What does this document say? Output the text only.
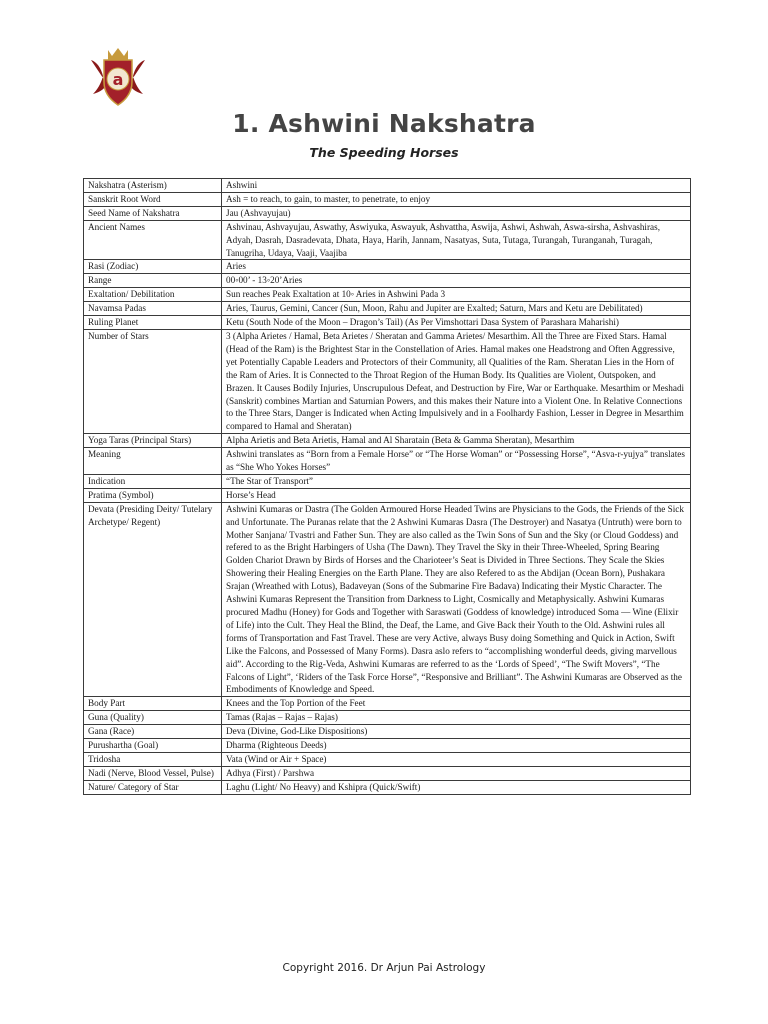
a
1. Ashwini Nakshatra
The Speeding Horses
Nakshatra (Asterism)	Ashwini
Sanskrit Root Word	Ash = to reach, to gain, to master, to penetrate, to enjoy
Seed Name of Nakshatra	Jau (Ashvayujau)
Ancient Names	Ashvinau, Ashvayujau, Aswathy, Aswiyuka, Aswayuk, Ashvattha, Aswija, Ashwi, Ashwah, Aswa-sirsha, Ashvashiras, Adyah, Dasrah, Dasradevata, Dhata, Haya, Harih, Jannam, Nasatyas, Suta, Tutaga, Turangah, Turanganah, Turagah, Tanugriha, Udaya, Vaaji, Vaajiba
Rasi (Zodiac)	Aries
Range	00◦00’ - 13◦20’Aries
Exaltation/ Debilitation	Sun reaches Peak Exaltation at 10◦ Aries in Ashwini Pada 3
Navamsa Padas	Aries, Taurus, Gemini, Cancer (Sun, Moon, Rahu and Jupiter are Exalted; Saturn, Mars and Ketu are Debilitated)
Ruling Planet	Ketu (South Node of the Moon – Dragon’s Tail) (As Per Vimshottari Dasa System of Parashara Maharishi)
Number of Stars	3 (Alpha Arietes / Hamal, Beta Arietes / Sheratan and Gamma Arietes/ Mesarthim. All the Three are Fixed Stars. Hamal (Head of the Ram) is the Brightest Star in the Constellation of Aries. Hamal makes one Headstrong and Often Aggressive, yet Potentially Capable Leaders and Protectors of their Community, all Qualities of the Ram. Sheratan Lies in the Horn of the Ram of Aries. It is Connected to the Throat Region of the Human Body. Its Qualities are Violent, Outspoken, and Brazen. It Causes Bodily Injuries, Unscrupulous Defeat, and Destruction by Fire, War or Earthquake. Mesarthim or Meshadi (Sanskrit) combines Martian and Saturnian Powers, and this makes their Nature into a Violent One. In Relative Connections to the Three Stars, Danger is Indicated when Acting Impulsively and in a Foolhardy Fashion, Lesser in Degree in Mesarthim compared to Hamal and Sheratan)
Yoga Taras (Principal Stars)	Alpha Arietis and Beta Arietis, Hamal and Al Sharatain (Beta & Gamma Sheratan), Mesarthim
Meaning	Ashwini translates as “Born from a Female Horse” or “The Horse Woman” or “Possessing Horse”, “Asva-r-yujya” translates as “She Who Yokes Horses”
Indication	“The Star of Transport”
Pratima (Symbol)	Horse’s Head
Devata (Presiding Deity/ Tutelary Archetype/ Regent)	Ashwini Kumaras or Dastra (The Golden Armoured Horse Headed Twins are Physicians to the Gods, the Friends of the Sick and Unfortunate. The Puranas relate that the 2 Ashwini Kumaras Dasra (The Destroyer) and Nasatya (Untruth) were born to Mother Sanjana/ Tvastri and Father Sun. They are also called as the Twin Sons of Sun and the Sky (or Cloud Goddess) and refered to as the Bright Harbingers of Usha (The Dawn). They Travel the Sky in their Three-Wheeled, Spring Bearing Golden Chariot Drawn by Birds of Horses and the Charioteer’s Seat is Divided in Three Sections. They Scale the Skies Showering their Healing Energies on the Earth Plane. They are also Refered to as the Abdijan (Ocean Born), Pushakara Srajan (Wreathed with Lotus), Badaveyan (Sons of the Submarine Fire Badava) Indicating their Mystic Character. The Ashwini Kumaras Represent the Transition from Darkness to Light, Cosmically and Metaphysically. Ashwini Kumaras procured Madhu (Honey) for Gods and Together with Saraswati (Goddess of knowledge) introduced Soma — Wine (Elixir of Life) into the Cult. They Heal the Blind, the Deaf, the Lame, and Give Back their Youth to the Old. Ashwini rules all forms of Transportation and Fast Travel. These are very Active, always Busy doing Something and Quick in Action, Swift Like the Falcons, and Possessed of Many Forms). Dasra aslo refers to “accomplishing wonderful deeds, giving marvellous aid”. According to the Rig-Veda, Ashwini Kumaras are referred to as the ‘Lords of Speed’, “The Swift Movers”, “The Falcons of Light”, ‘Riders of the Task Force Horse”, “Responsive and Brilliant”. The Ashwini Kumaras are Observed as the Embodiments of Knowledge and Speed.
Body Part	Knees and the Top Portion of the Feet
Guna (Quality)	Tamas (Rajas – Rajas – Rajas)
Gana (Race)	Deva (Divine, God-Like Dispositions)
Purushartha (Goal)	Dharma (Righteous Deeds)
Tridosha	Vata (Wind or Air + Space)
Nadi (Nerve, Blood Vessel, Pulse)	Adhya (First) / Parshwa
Nature/ Category of Star	Laghu (Light/ No Heavy) and Kshipra (Quick/Swift)
Copyright 2016. Dr Arjun Pai Astrology
